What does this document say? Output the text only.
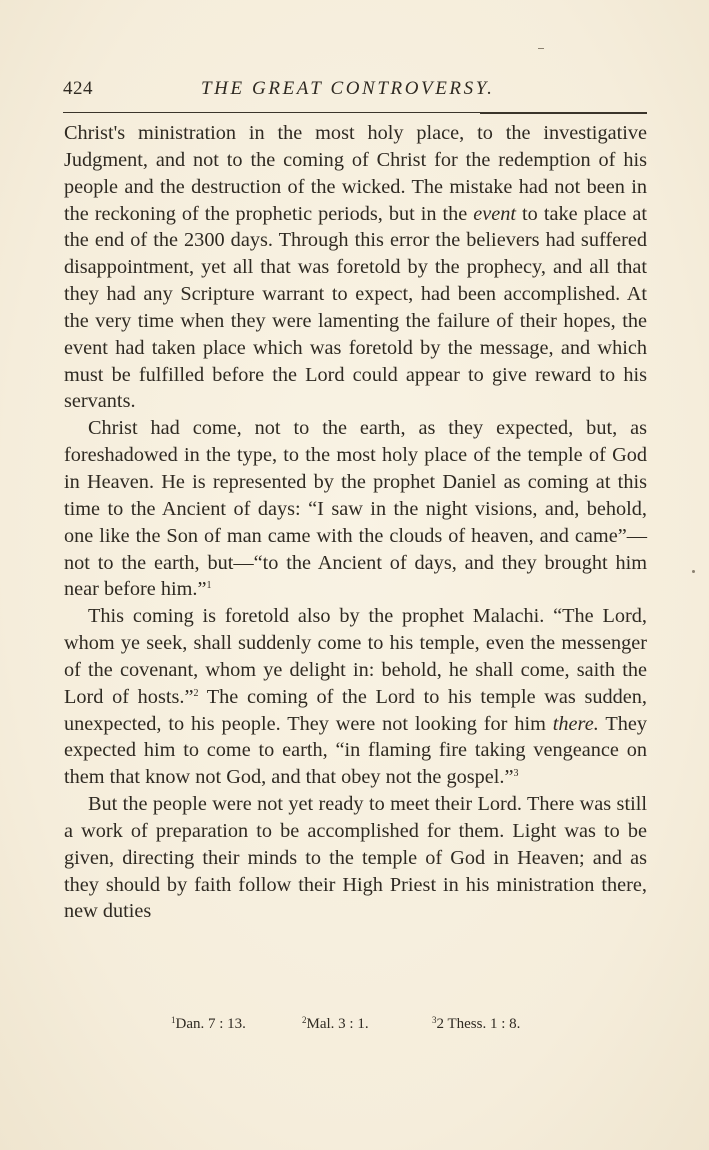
424	THE GREAT CONTROVERSY.

Christ's ministration in the most holy place, to the investigative Judgment, and not to the coming of Christ for the redemption of his people and the destruction of the wicked. The mistake had not been in the reckoning of the prophetic periods, but in the event to take place at the end of the 2300 days. Through this error the believers had suffered disappointment, yet all that was foretold by the prophecy, and all that they had any Scripture warrant to expect, had been accomplished. At the very time when they were lamenting the failure of their hopes, the event had taken place which was foretold by the message, and which must be fulfilled before the Lord could appear to give reward to his servants.

Christ had come, not to the earth, as they expected, but, as foreshadowed in the type, to the most holy place of the temple of God in Heaven. He is represented by the prophet Daniel as coming at this time to the Ancient of days: “I saw in the night visions, and, behold, one like the Son of man came with the clouds of heaven, and came”—not to the earth, but—“to the Ancient of days, and they brought him near before him.”$^1$

This coming is foretold also by the prophet Malachi. “The Lord, whom ye seek, shall suddenly come to his temple, even the messenger of the covenant, whom ye delight in: behold, he shall come, saith the Lord of hosts.”$^2$ The coming of the Lord to his temple was sudden, unexpected, to his people. They were not looking for him there. They expected him to come to earth, “in flaming fire taking vengeance on them that know not God, and that obey not the gospel.”$^3$

But the people were not yet ready to meet their Lord. There was still a work of preparation to be accomplished for them. Light was to be given, directing their minds to the temple of God in Heaven; and as they should by faith follow their High Priest in his ministration there, new duties

$^1$Dan. 7 : 13.	$^2$Mal. 3 : 1.	$^3$2 Thess. 1 : 8.
